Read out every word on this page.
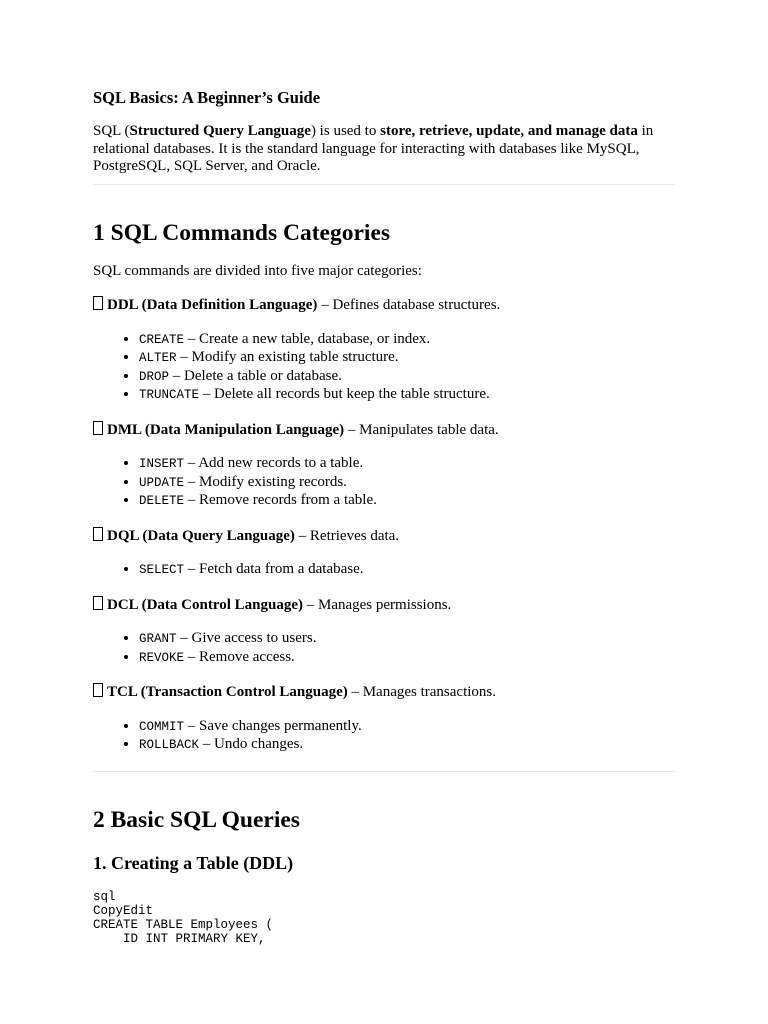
SQL Basics: A Beginner’s Guide

SQL (Structured Query Language) is used to store, retrieve, update, and manage data in relational databases. It is the standard language for interacting with databases like MySQL, PostgreSQL, SQL Server, and Oracle.

1 SQL Commands Categories

SQL commands are divided into five major categories:

DDL (Data Definition Language) – Defines database structures.

• CREATE – Create a new table, database, or index.
• ALTER – Modify an existing table structure.
• DROP – Delete a table or database.
• TRUNCATE – Delete all records but keep the table structure.

DML (Data Manipulation Language) – Manipulates table data.

• INSERT – Add new records to a table.
• UPDATE – Modify existing records.
• DELETE – Remove records from a table.

DQL (Data Query Language) – Retrieves data.

• SELECT – Fetch data from a database.

DCL (Data Control Language) – Manages permissions.

• GRANT – Give access to users.
• REVOKE – Remove access.

TCL (Transaction Control Language) – Manages transactions.

• COMMIT – Save changes permanently.
• ROLLBACK – Undo changes.
2 Basic SQL Queries
1. Creating a Table (DDL)
sql
CopyEdit
CREATE TABLE Employees (
ID INT PRIMARY KEY,
